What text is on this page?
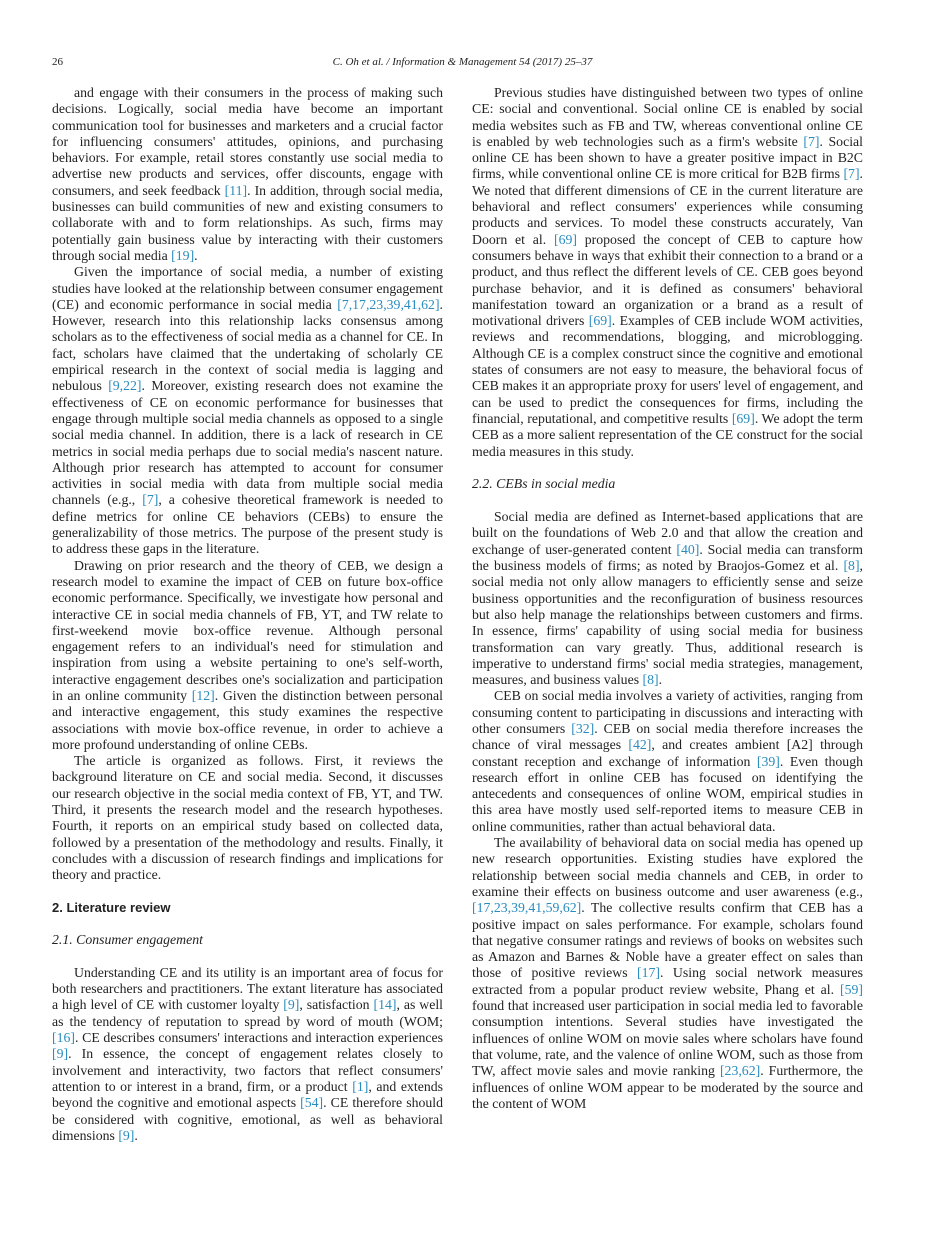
26	C. Oh et al. / Information & Management 54 (2017) 25–37

and engage with their consumers in the process of making such decisions. Logically, social media have become an important communication tool for businesses and marketers and a crucial factor for influencing consumers' attitudes, opinions, and purchasing behaviors. For example, retail stores constantly use social media to advertise new products and services, offer discounts, engage with consumers, and seek feedback [11]. In addition, through social media, businesses can build communities of new and existing consumers to collaborate with and to form relationships. As such, firms may potentially gain business value by interacting with their customers through social media [19].

Given the importance of social media, a number of existing studies have looked at the relationship between consumer engagement (CE) and economic performance in social media [7,17,23,39,41,62]. However, research into this relationship lacks consensus among scholars as to the effectiveness of social media as a channel for CE. In fact, scholars have claimed that the undertaking of scholarly CE empirical research in the context of social media is lagging and nebulous [9,22]. Moreover, existing research does not examine the effectiveness of CE on economic performance for businesses that engage through multiple social media channels as opposed to a single social media channel. In addition, there is a lack of research in CE metrics in social media perhaps due to social media's nascent nature. Although prior research has attempted to account for consumer activities in social media with data from multiple social media channels (e.g., [7], a cohesive theoretical framework is needed to define metrics for online CE behaviors (CEBs) to ensure the generalizability of those metrics. The purpose of the present study is to address these gaps in the literature.

Drawing on prior research and the theory of CEB, we design a research model to examine the impact of CEB on future box-office economic performance. Specifically, we investigate how personal and interactive CE in social media channels of FB, YT, and TW relate to first-weekend movie box-office revenue. Although personal engagement refers to an individual's need for stimulation and inspiration from using a website pertaining to one's self-worth, interactive engagement describes one's socialization and participation in an online community [12]. Given the distinction between personal and interactive engagement, this study examines the respective associations with movie box-office revenue, in order to achieve a more profound understanding of online CEBs.

The article is organized as follows. First, it reviews the background literature on CE and social media. Second, it discusses our research objective in the social media context of FB, YT, and TW. Third, it presents the research model and the research hypotheses. Fourth, it reports on an empirical study based on collected data, followed by a presentation of the methodology and results. Finally, it concludes with a discussion of research findings and implications for theory and practice.

2. Literature review
2.1. Consumer engagement

Understanding CE and its utility is an important area of focus for both researchers and practitioners. The extant literature has associated a high level of CE with customer loyalty [9], satisfaction [14], as well as the tendency of reputation to spread by word of mouth (WOM; [16]. CE describes consumers' interactions and interaction experiences [9]. In essence, the concept of engagement relates closely to involvement and interactivity, two factors that reflect consumers' attention to or interest in a brand, firm, or a product [1], and extends beyond the cognitive and emotional aspects [54]. CE therefore should be considered with cognitive, emotional, as well as behavioral dimensions [9].

Previous studies have distinguished between two types of online CE: social and conventional. Social online CE is enabled by social media websites such as FB and TW, whereas conventional online CE is enabled by web technologies such as a firm's website [7]. Social online CE has been shown to have a greater positive impact in B2C firms, while conventional online CE is more critical for B2B firms [7]. We noted that different dimensions of CE in the current literature are behavioral and reflect consumers' experiences while consuming products and services. To model these constructs accurately, Van Doorn et al. [69] proposed the concept of CEB to capture how consumers behave in ways that exhibit their connection to a brand or a product, and thus reflect the different levels of CE. CEB goes beyond purchase behavior, and it is defined as consumers' behavioral manifestation toward an organization or a brand as a result of motivational drivers [69]. Examples of CEB include WOM activities, reviews and recommendations, blogging, and microblogging. Although CE is a complex construct since the cognitive and emotional states of consumers are not easy to measure, the behavioral focus of CEB makes it an appropriate proxy for users' level of engagement, and can be used to predict the consequences for firms, including the financial, reputational, and competitive results [69]. We adopt the term CEB as a more salient representation of the CE construct for the social media measures in this study.

2.2. CEBs in social media

Social media are defined as Internet-based applications that are built on the foundations of Web 2.0 and that allow the creation and exchange of user-generated content [40]. Social media can transform the business models of firms; as noted by Braojos-Gomez et al. [8], social media not only allow managers to efficiently sense and seize business opportunities and the reconfiguration of business resources but also help manage the relationships between customers and firms. In essence, firms' capability of using social media for business transformation can vary greatly. Thus, additional research is imperative to understand firms' social media strategies, management, measures, and business values [8].

CEB on social media involves a variety of activities, ranging from consuming content to participating in discussions and interacting with other consumers [32]. CEB on social media therefore increases the chance of viral messages [42], and creates ambient [A2] through constant reception and exchange of information [39]. Even though research effort in online CEB has focused on identifying the antecedents and consequences of online WOM, empirical studies in this area have mostly used self-reported items to measure CEB in online communities, rather than actual behavioral data.

The availability of behavioral data on social media has opened up new research opportunities. Existing studies have explored the relationship between social media channels and CEB, in order to examine their effects on business outcome and user awareness (e.g., [17,23,39,41,59,62]. The collective results confirm that CEB has a positive impact on sales performance. For example, scholars found that negative consumer ratings and reviews of books on websites such as Amazon and Barnes & Noble have a greater effect on sales than those of positive reviews [17]. Using social network measures extracted from a popular product review website, Phang et al. [59] found that increased user participation in social media led to favorable consumption intentions. Several studies have investigated the influences of online WOM on movie sales where scholars have found that volume, rate, and the valence of online WOM, such as those from TW, affect movie sales and movie ranking [23,62]. Furthermore, the influences of online WOM appear to be moderated by the source and the content of WOM
